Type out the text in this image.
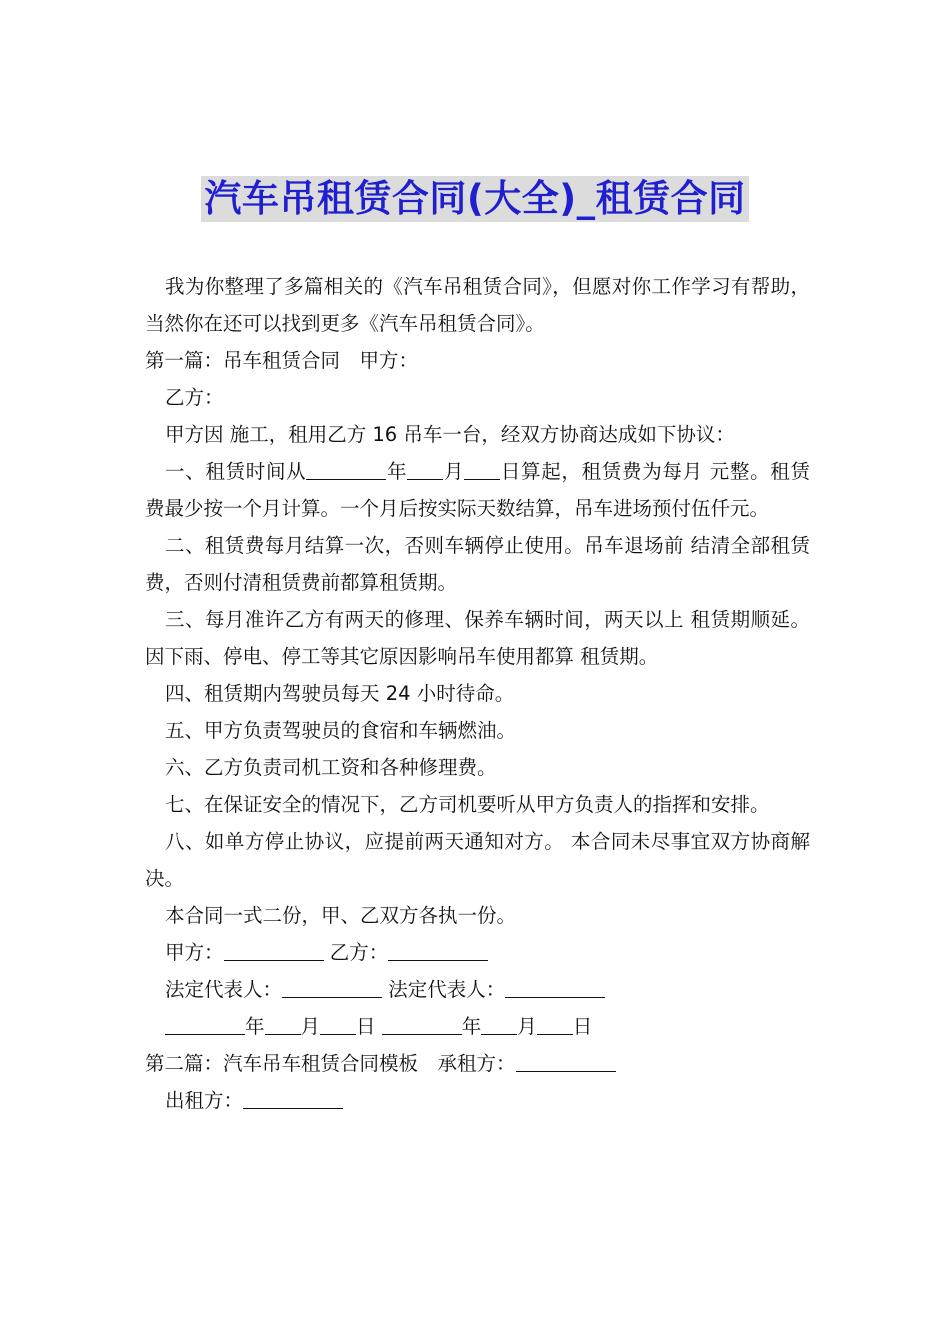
汽车吊租赁合同(大全)_租赁合同

我为你整理了多篇相关的《汽车吊租赁合同》，但愿对你工作学习有帮助，当然你在还可以找到更多《汽车吊租赁合同》。

第一篇：吊车租赁合同　甲方：

乙方：

甲方因 施工，租用乙方 16 吊车一台，经双方协商达成如下协议：

一、租赁时间从	年 月 日算起，租赁费为每月 元整。租赁费最少按一个月计算。一个月后按实际天数结算，吊车进场预付伍仟元。

二、租赁费每月结算一次，否则车辆停止使用。吊车退场前 结清全部租赁费，否则付清租赁费前都算租赁期。

三、每月准许乙方有两天的修理、保养车辆时间，两天以上 租赁期顺延。因下雨、停电、停工等其它原因影响吊车使用都算 租赁期。

四、租赁期内驾驶员每天 24 小时待命。

五、甲方负责驾驶员的食宿和车辆燃油。

六、乙方负责司机工资和各种修理费。

七、在保证安全的情况下，乙方司机要听从甲方负责人的指挥和安排。

八、如单方停止协议，应提前两天通知对方。 本合同未尽事宜双方协商解决。

本合同一式二份，甲、乙双方各执一份。

甲方：	乙方：

法定代表人：	法定代表人：

年 月 日	年 月 日

第二篇：汽车吊车租赁合同模板　承租方：

出租方：
